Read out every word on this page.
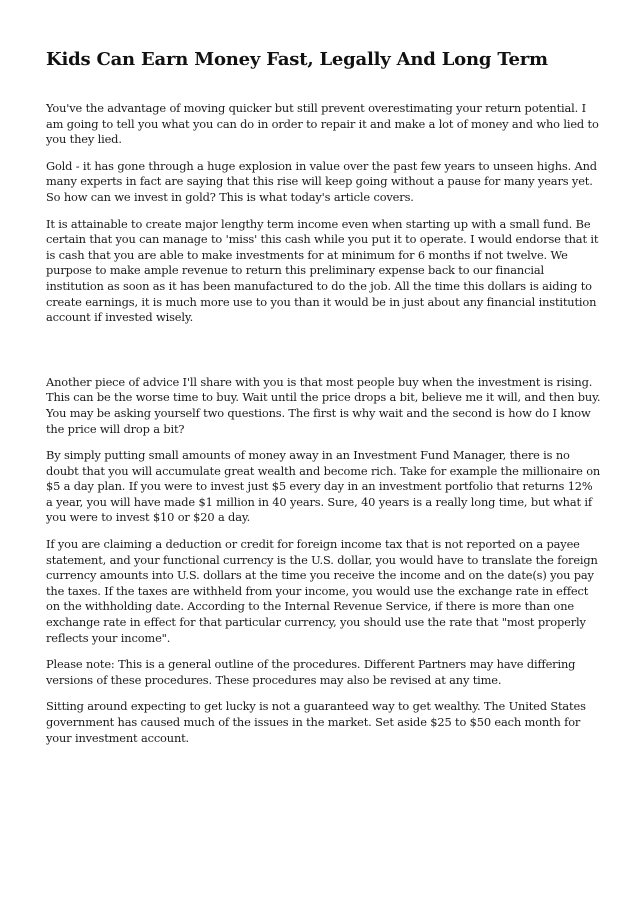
Kids Can Earn Money Fast, Legally And Long Term

You've the advantage of moving quicker but still prevent overestimating your return potential. I am going to tell you what you can do in order to repair it and make a lot of money and who lied to you they lied.

Gold - it has gone through a huge explosion in value over the past few years to unseen highs. And many experts in fact are saying that this rise will keep going without a pause for many years yet. So how can we invest in gold? This is what today's article covers.

It is attainable to create major lengthy term income even when starting up with a small fund. Be certain that you can manage to 'miss' this cash while you put it to operate. I would endorse that it is cash that you are able to make investments for at minimum for 6 months if not twelve. We purpose to make ample revenue to return this preliminary expense back to our financial institution as soon as it has been manufactured to do the job. All the time this dollars is aiding to create earnings, it is much more use to you than it would be in just about any financial institution account if invested wisely.

Another piece of advice I'll share with you is that most people buy when the investment is rising. This can be the worse time to buy. Wait until the price drops a bit, believe me it will, and then buy. You may be asking yourself two questions. The first is why wait and the second is how do I know the price will drop a bit?

By simply putting small amounts of money away in an Investment Fund Manager, there is no doubt that you will accumulate great wealth and become rich. Take for example the millionaire on $5 a day plan. If you were to invest just $5 every day in an investment portfolio that returns 12% a year, you will have made $1 million in 40 years. Sure, 40 years is a really long time, but what if you were to invest $10 or $20 a day.

If you are claiming a deduction or credit for foreign income tax that is not reported on a payee statement, and your functional currency is the U.S. dollar, you would have to translate the foreign currency amounts into U.S. dollars at the time you receive the income and on the date(s) you pay the taxes. If the taxes are withheld from your income, you would use the exchange rate in effect on the withholding date. According to the Internal Revenue Service, if there is more than one exchange rate in effect for that particular currency, you should use the rate that "most properly reflects your income".

Please note: This is a general outline of the procedures. Different Partners may have differing versions of these procedures. These procedures may also be revised at any time.

Sitting around expecting to get lucky is not a guaranteed way to get wealthy. The United States government has caused much of the issues in the market. Set aside $25 to $50 each month for your investment account.
